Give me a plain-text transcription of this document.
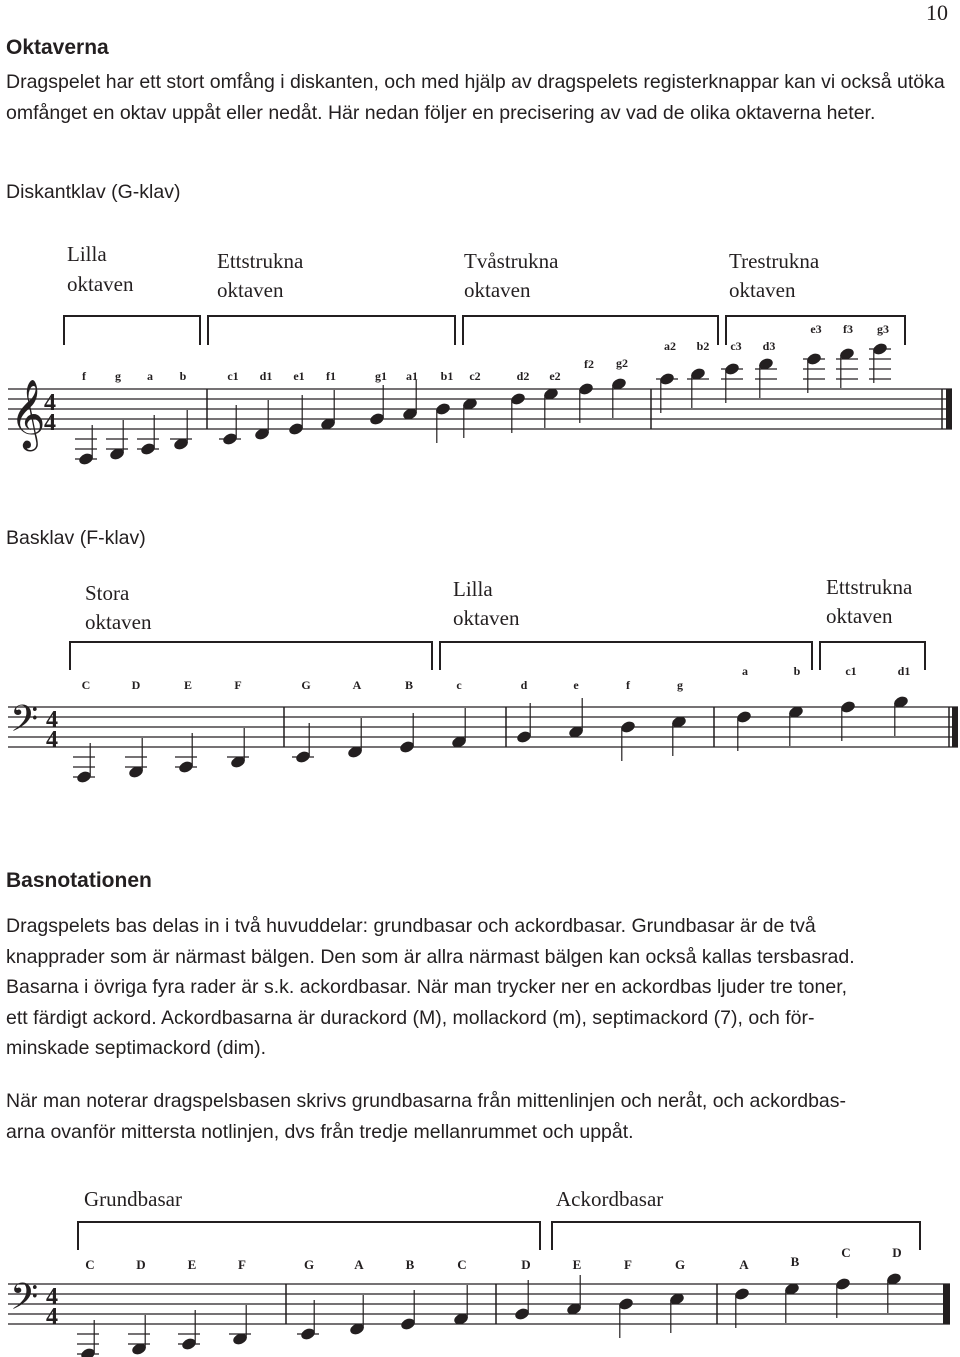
10
Oktaverna
Dragspelet har ett stort omfång i diskanten, och med hjälp av dragspelets registerknappar kan vi också utöka omfånget en oktav uppåt eller nedåt. Här nedan följer en precisering av vad de olika oktaverna heter.
Diskantklav (G-klav)
Lilla
oktaven
Ettstrukna
oktaven
Tvåstrukna
oktaven
Trestrukna
oktaven
𝄞
4
4
f g a b	c1 d1 e1 f1	g1 a1 b1 c2	d2 e2
f2 g2
a2 b2 c3 d3
e3 f3 g3
Basklav (F-klav)
Stora
oktaven
Lilla
oktaven
Ettstrukna
oktaven
𝄢 4
4
C	D	E	F	G	A	B	c	d	e	f	g
a	b	c1	d1
Basnotationen
Dragspelets bas delas in i två huvuddelar: grundbasar och ackordbasar. Grundbasar är de två
knapprader som är närmast bälgen. Den som är allra närmast bälgen kan också kallas tersbasrad.
Basarna i övriga fyra rader är s.k. ackordbasar. När man trycker ner en ackordbas ljuder tre toner,
ett färdigt ackord. Ackordbasarna är durackord (M), mollackord (m), septimackord (7), och för-
minskade septimackord (dim).
När man noterar dragspelsbasen skrivs grundbasarna från mittenlinjen och neråt, och ackordbas-
arna ovanför mittersta notlinjen, dvs från tredje mellanrummet och uppåt.
Grundbasar	Ackordbasar
𝄢 4
4
C	D	E	F	G	A	B	C	D	E	F	G	A	B
C	D
